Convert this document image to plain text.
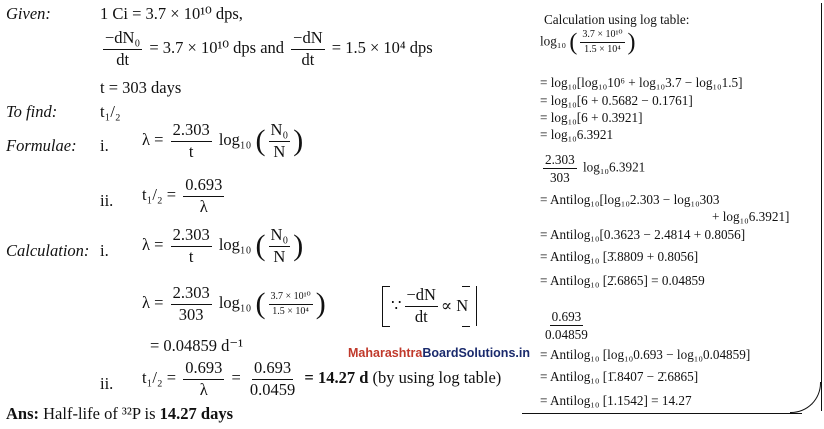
Given:	1 Ci = 3.7 × 10¹⁰ dps,
$\frac{\text{−dN₀}}{dt} = 3.7 \times 10^{10}$ dps and $\frac{-dN}{dt} = 1.5 \times 10^4$ dps
t = 303 days
To find:	t₁/₂
Formulae: i. $\lambda = \frac{2.303}{t} \log_{10}$ ( $\frac{\text{N₀}}{N}$ )
ii. $t_1/_2 = \frac{0.693}{\lambda}$
Calculation: i. $\lambda = \frac{2.303}{t} \log_{10}$ ( $\frac{\text{N₀}}{N}$ )
$\lambda = \frac{2.303}{303} \log_{10}$ ( $\frac{\text{3.7 × 10¹⁰}}{\text{1.5 × 10⁴}}$ )	∵ $\frac{-dN}{dt} \propto N$
= 0.04859 d⁻¹
ii. $t_1/_2 = \frac{0.693}{\lambda} = \frac{0.693}{0.0459} = 14.27$ d (by using log table)
Ans: Half-life of ³²P is 14.27 days
MaharashtraBoardSolutions.in
Calculation using log table:
log₁₀ ( $\frac{\text{3.7 × 10¹⁰}}{\text{1.5 × 10⁴}}$ )
= log₁₀[log₁₀10⁶ + log₁₀3.7 − log₁₀1.5]
= log₁₀[6 + 0.5682 − 0.1761]
= log₁₀[6 + 0.3921]
= log₁₀6.3921
$\frac{2.303}{303} \log_{10}6.3921$
= Antilog₁₀[log₁₀2.303 − log₁₀303
+ log₁₀6.3921]
= Antilog₁₀[0.3623 − 2.4814 + 0.8056]
= Antilog₁₀ [3̄.8809 + 0.8056]
= Antilog₁₀ [2̄.6865] = 0.04859
$\frac{0.693}{0.04859}$
= Antilog₁₀ [log₁₀0.693 − log₁₀0.04859]
= Antilog₁₀ [1̄.8407 − 2̄.6865]
= Antilog₁₀ [1.1542] = 14.27
